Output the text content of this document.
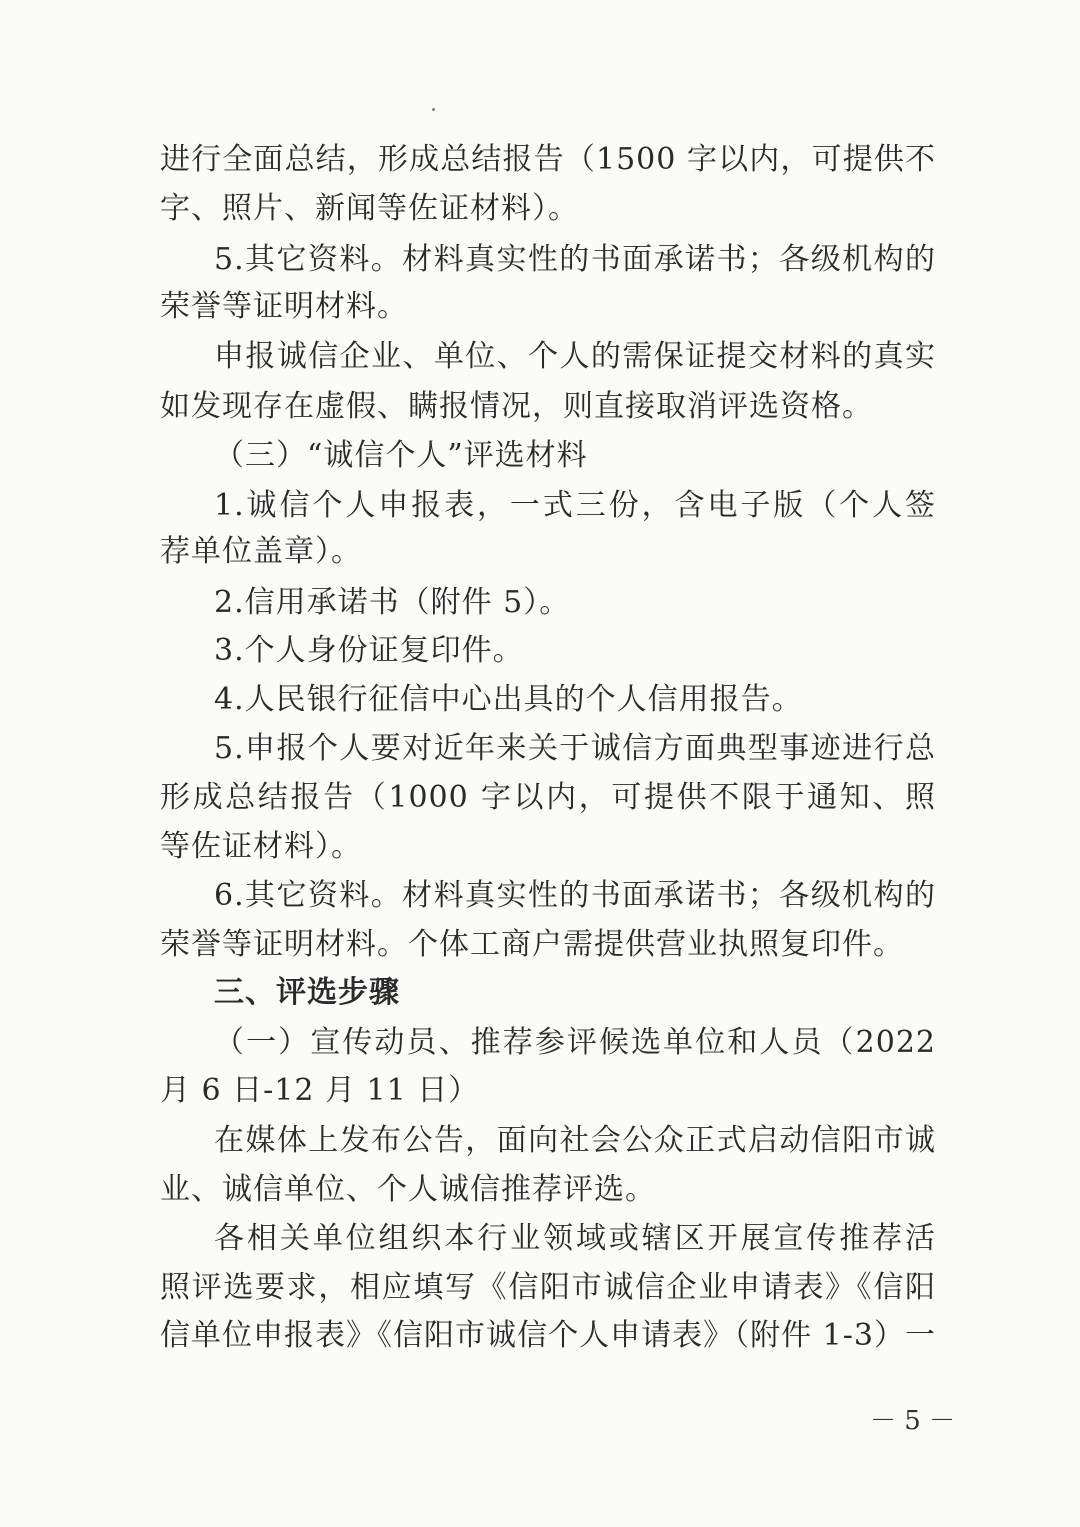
进行全面总结，形成总结报告（1500 字以内，可提供不
字、照片、新闻等佐证材料）。
5.其它资料。材料真实性的书面承诺书；各级机构的
荣誉等证明材料。
申报诚信企业、单位、个人的需保证提交材料的真实
如发现存在虚假、瞒报情况，则直接取消评选资格。
（三）“诚信个人”评选材料
1.诚信个人申报表，一式三份，含电子版（个人签
荐单位盖章）。
2.信用承诺书（附件 5）。
3.个人身份证复印件。
4.人民银行征信中心出具的个人信用报告。
5.申报个人要对近年来关于诚信方面典型事迹进行总
形成总结报告（1000 字以内，可提供不限于通知、照
等佐证材料）。
6.其它资料。材料真实性的书面承诺书；各级机构的
荣誉等证明材料。个体工商户需提供营业执照复印件。
三、评选步骤
（一）宣传动员、推荐参评候选单位和人员（2022
月 6 日-12 月 11 日）
在媒体上发布公告，面向社会公众正式启动信阳市诚
业、诚信单位、个人诚信推荐评选。
各相关单位组织本行业领域或辖区开展宣传推荐活
照评选要求，相应填写《信阳市诚信企业申请表》《信阳
信单位申报表》《信阳市诚信个人申请表》（附件 1-3）一
－ 5 －
